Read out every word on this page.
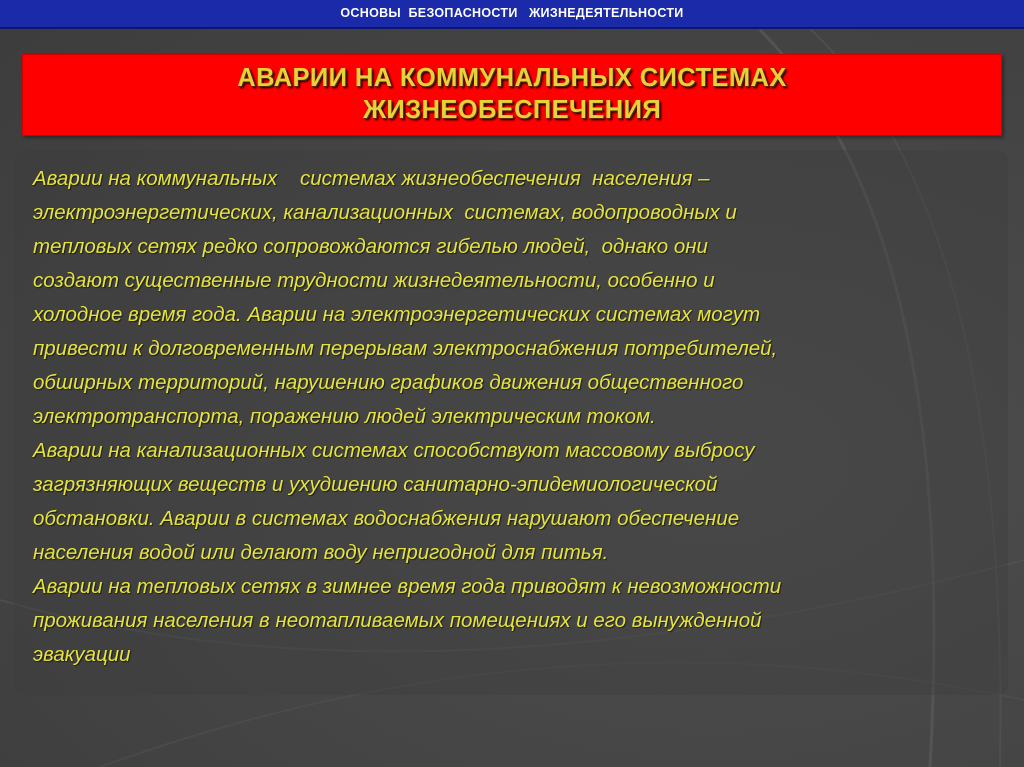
ОСНОВЫ  БЕЗОПАСНОСТИ   ЖИЗНЕДЕЯТЕЛЬНОСТИ
АВАРИИ НА КОММУНАЛЬНЫХ СИСТЕМАХ
ЖИЗНЕОБЕСПЕЧЕНИЯ
Аварии на коммунальных    системах жизнеобеспечения  населения –
электроэнергетических, канализационных  системах, водопроводных и
тепловых сетях редко сопровождаются гибелью людей,  однако они
создают существенные трудности жизнедеятельности, особенно и
холодное время года. Аварии на электроэнергетических системах могут
привести к долговременным перерывам электроснабжения потребителей,
обширных территорий, нарушению графиков движения общественного
электротранспорта, поражению людей электрическим током.
Аварии на канализационных системах способствуют массовому выбросу
загрязняющих веществ и ухудшению санитарно-эпидемиологической
обстановки. Аварии в системах водоснабжения нарушают обеспечение
населения водой или делают воду непригодной для питья.
Аварии на тепловых сетях в зимнее время года приводят к невозможности
проживания населения в неотапливаемых помещениях и его вынужденной
эвакуации
